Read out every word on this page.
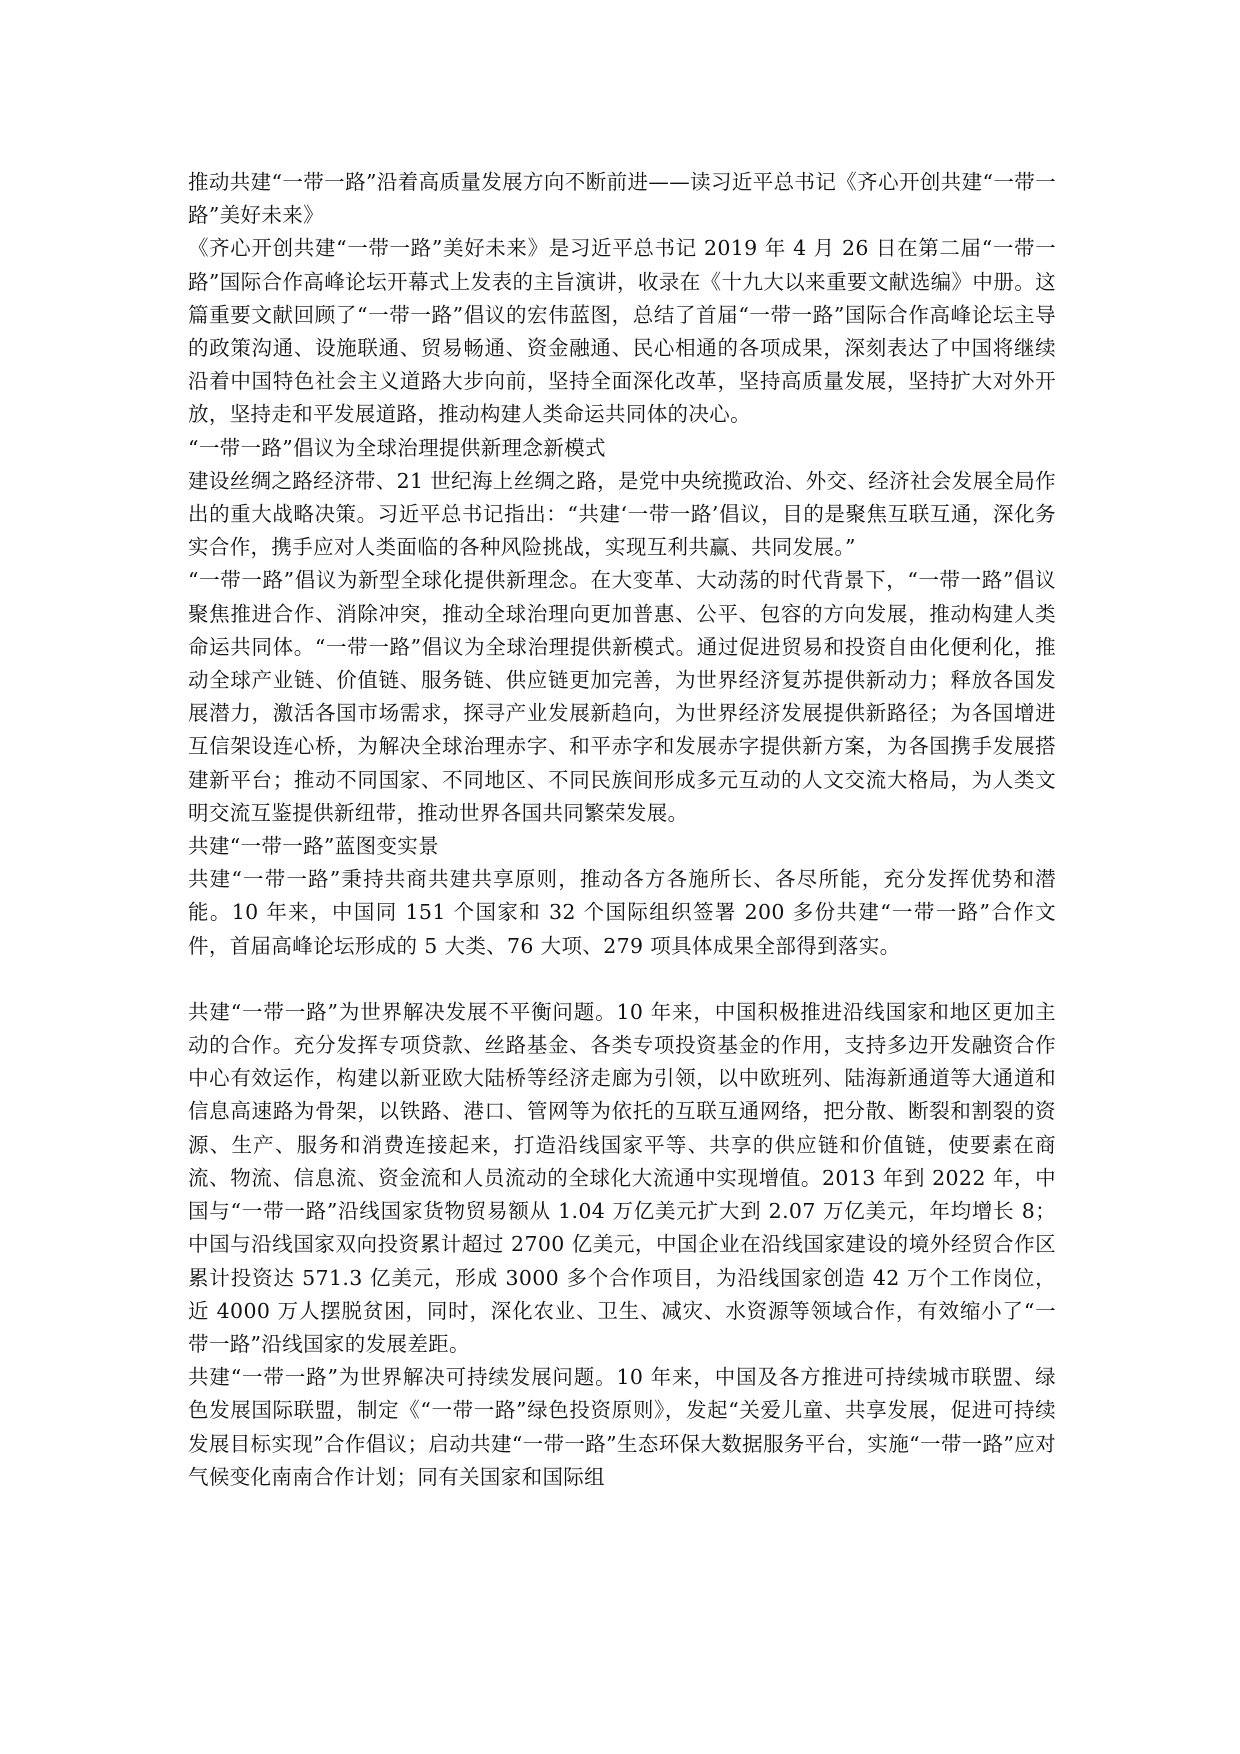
推动共建“一带一路”沿着高质量发展方向不断前进——读习近平总书记《齐心开创共建“一带一路”美好未来》

《齐心开创共建“一带一路”美好未来》是习近平总书记 2019 年 4 月 26 日在第二届“一带一路”国际合作高峰论坛开幕式上发表的主旨演讲，收录在《十九大以来重要文献选编》中册。这篇重要文献回顾了“一带一路”倡议的宏伟蓝图，总结了首届“一带一路”国际合作高峰论坛主导的政策沟通、设施联通、贸易畅通、资金融通、民心相通的各项成果，深刻表达了中国将继续沿着中国特色社会主义道路大步向前，坚持全面深化改革，坚持高质量发展，坚持扩大对外开放，坚持走和平发展道路，推动构建人类命运共同体的决心。

“一带一路”倡议为全球治理提供新理念新模式

建设丝绸之路经济带、21 世纪海上丝绸之路，是党中央统揽政治、外交、经济社会发展全局作出的重大战略决策。习近平总书记指出：“共建‘一带一路’倡议，目的是聚焦互联互通，深化务实合作，携手应对人类面临的各种风险挑战，实现互利共赢、共同发展。”

“一带一路”倡议为新型全球化提供新理念。在大变革、大动荡的时代背景下，“一带一路”倡议聚焦推进合作、消除冲突，推动全球治理向更加普惠、公平、包容的方向发展，推动构建人类命运共同体。“一带一路”倡议为全球治理提供新模式。通过促进贸易和投资自由化便利化，推动全球产业链、价值链、服务链、供应链更加完善，为世界经济复苏提供新动力；释放各国发展潜力，激活各国市场需求，探寻产业发展新趋向，为世界经济发展提供新路径；为各国增进互信架设连心桥，为解决全球治理赤字、和平赤字和发展赤字提供新方案，为各国携手发展搭建新平台；推动不同国家、不同地区、不同民族间形成多元互动的人文交流大格局，为人类文明交流互鉴提供新纽带，推动世界各国共同繁荣发展。

共建“一带一路”蓝图变实景

共建“一带一路”秉持共商共建共享原则，推动各方各施所长、各尽所能，充分发挥优势和潜能。10 年来，中国同 151 个国家和 32 个国际组织签署 200 多份共建“一带一路”合作文件，首届高峰论坛形成的 5 大类、76 大项、279 项具体成果全部得到落实。

共建“一带一路”为世界解决发展不平衡问题。10 年来，中国积极推进沿线国家和地区更加主动的合作。充分发挥专项贷款、丝路基金、各类专项投资基金的作用，支持多边开发融资合作中心有效运作，构建以新亚欧大陆桥等经济走廊为引领，以中欧班列、陆海新通道等大通道和信息高速路为骨架，以铁路、港口、管网等为依托的互联互通网络，把分散、断裂和割裂的资源、生产、服务和消费连接起来，打造沿线国家平等、共享的供应链和价值链，使要素在商流、物流、信息流、资金流和人员流动的全球化大流通中实现增值。2013 年到 2022 年，中国与“一带一路”沿线国家货物贸易额从 1.04 万亿美元扩大到 2.07 万亿美元，年均增长 8；中国与沿线国家双向投资累计超过 2700 亿美元，中国企业在沿线国家建设的境外经贸合作区累计投资达 571.3 亿美元，形成 3000 多个合作项目，为沿线国家创造 42 万个工作岗位，近 4000 万人摆脱贫困，同时，深化农业、卫生、减灾、水资源等领域合作，有效缩小了“一带一路”沿线国家的发展差距。

共建“一带一路”为世界解决可持续发展问题。10 年来，中国及各方推进可持续城市联盟、绿色发展国际联盟，制定《“一带一路”绿色投资原则》，发起“关爱儿童、共享发展，促进可持续发展目标实现”合作倡议；启动共建“一带一路”生态环保大数据服务平台，实施“一带一路”应对气候变化南南合作计划；同有关国家和国际组
